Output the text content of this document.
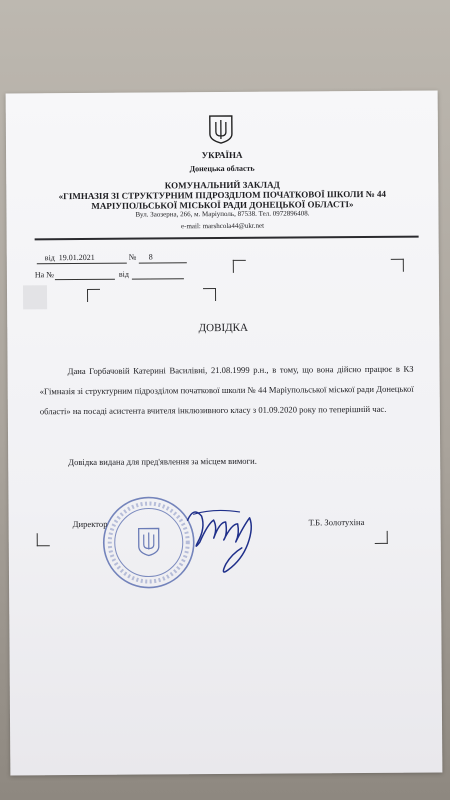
УКРАЇНА
Донецька область
КОМУНАЛЬНИЙ ЗАКЛАД
«ГІМНАЗІЯ ЗІ СТРУКТУРНИМ ПІДРОЗДІЛОМ ПОЧАТКОВОЇ ШКОЛИ № 44
МАРІУПОЛЬСЬКОЇ МІСЬКОЇ РАДИ ДОНЕЦЬКОЇ ОБЛАСТІ»
Вул. Заозерна, 266, м. Маріуполь, 87538. Тел. 0972896408.
e-mail: marshcola44@ukr.net
від 19.01.2021	№ 8
На №	від
ДОВІДКА
Дана Горбачовій Катерині Василівні, 21.08.1999 р.н., в тому, що вона дійсно працює в КЗ «Гімназія зі структурним підрозділом початкової школи № 44 Маріупольської міської ради Донецької області» на посаді асистента вчителя інклюзивного класу з 01.09.2020 року по теперішній час.
Довідка видана для пред'явлення за місцем вимоги.
Директор	Т.Б. Золотухіна
